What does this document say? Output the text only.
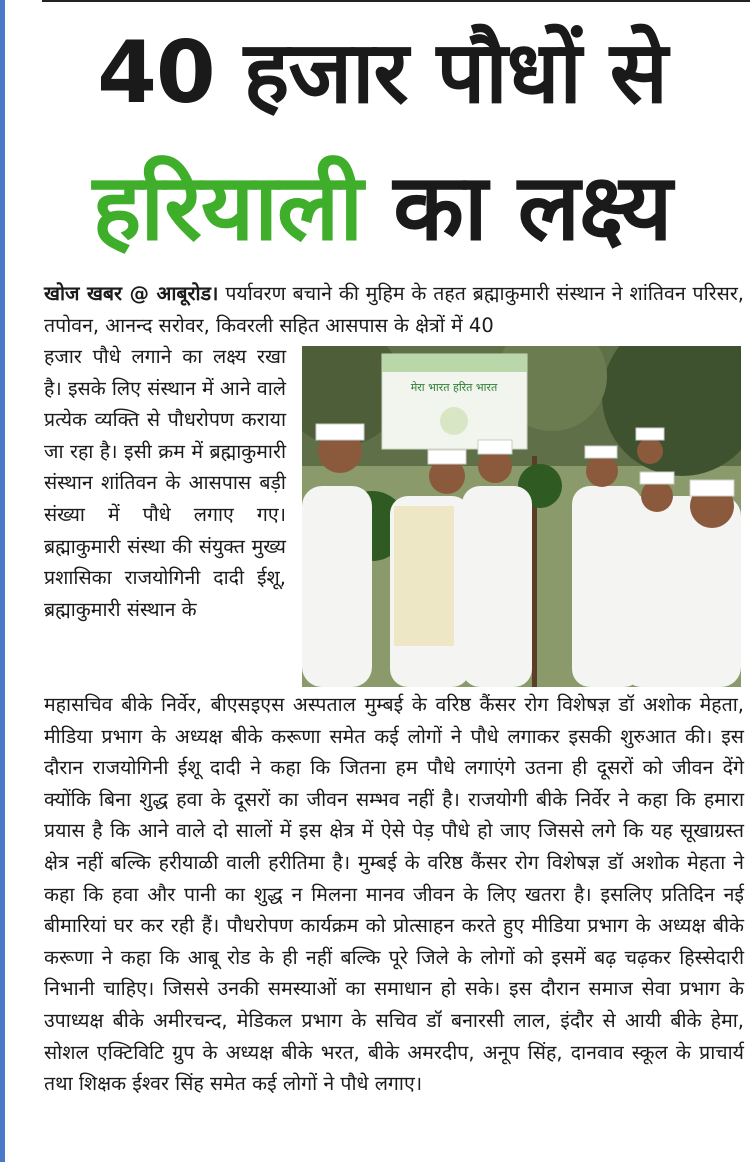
40 हजार पौधों से
हरियाली का लक्ष्य
खोज खबर @ आबूरोड। पर्यावरण बचाने की मुहिम के तहत ब्रह्माकुमारी संस्थान ने शांतिवन परिसर, तपोवन, आनन्द सरोवर, किवरली सहित आसपास के क्षेत्रों में 40
हजार पौधे लगाने का लक्ष्य रखा है। इसके लिए संस्थान में आने वाले प्रत्येक व्यक्ति से पौधरोपण कराया जा रहा है। इसी क्रम में ब्रह्माकुमारी संस्थान शांतिवन के आसपास बड़ी संख्या में पौधे लगाए गए। ब्रह्माकुमारी संस्था की संयुक्त मुख्य प्रशासिका राजयोगिनी दादी ईशू, ब्रह्माकुमारी संस्थान के
मेरा भारत हरित भारत
महासचिव बीके निर्वेर, बीएसइएस अस्पताल मुम्बई के वरिष्ठ कैंसर रोग विशेषज्ञ डॉ अशोक मेहता, मीडिया प्रभाग के अध्यक्ष बीके करूणा समेत कई लोगों ने पौधे लगाकर इसकी शुरुआत की। इस दौरान राजयोगिनी ईशू दादी ने कहा कि जितना हम पौधे लगाएंगे उतना ही दूसरों को जीवन देंगे क्योंकि बिना शुद्ध हवा के दूसरों का जीवन सम्भव नहीं है। राजयोगी बीके निर्वेर ने कहा कि हमारा प्रयास है कि आने वाले दो सालों में इस क्षेत्र में ऐसे पेड़ पौधे हो जाए जिससे लगे कि यह सूखाग्रस्त क्षेत्र नहीं बल्कि हरीयाळी वाली हरीतिमा है। मुम्बई के वरिष्ठ कैंसर रोग विशेषज्ञ डॉ अशोक मेहता ने कहा कि हवा और पानी का शुद्ध न मिलना मानव जीवन के लिए खतरा है। इसलिए प्रतिदिन नई बीमारियां घर कर रही हैं। पौधरोपण कार्यक्रम को प्रोत्साहन करते हुए मीडिया प्रभाग के अध्यक्ष बीके करूणा ने कहा कि आबू रोड के ही नहीं बल्कि पूरे जिले के लोगों को इसमें बढ़ चढ़कर हिस्सेदारी निभानी चाहिए। जिससे उनकी समस्याओं का समाधान हो सके। इस दौरान समाज सेवा प्रभाग के उपाध्यक्ष बीके अमीरचन्द, मेडिकल प्रभाग के सचिव डॉ बनारसी लाल, इंदौर से आयी बीके हेमा, सोशल एक्टिविटि ग्रुप के अध्यक्ष बीके भरत, बीके अमरदीप, अनूप सिंह, दानवाव स्कूल के प्राचार्य तथा शिक्षक ईश्वर सिंह समेत कई लोगों ने पौधे लगाए।
